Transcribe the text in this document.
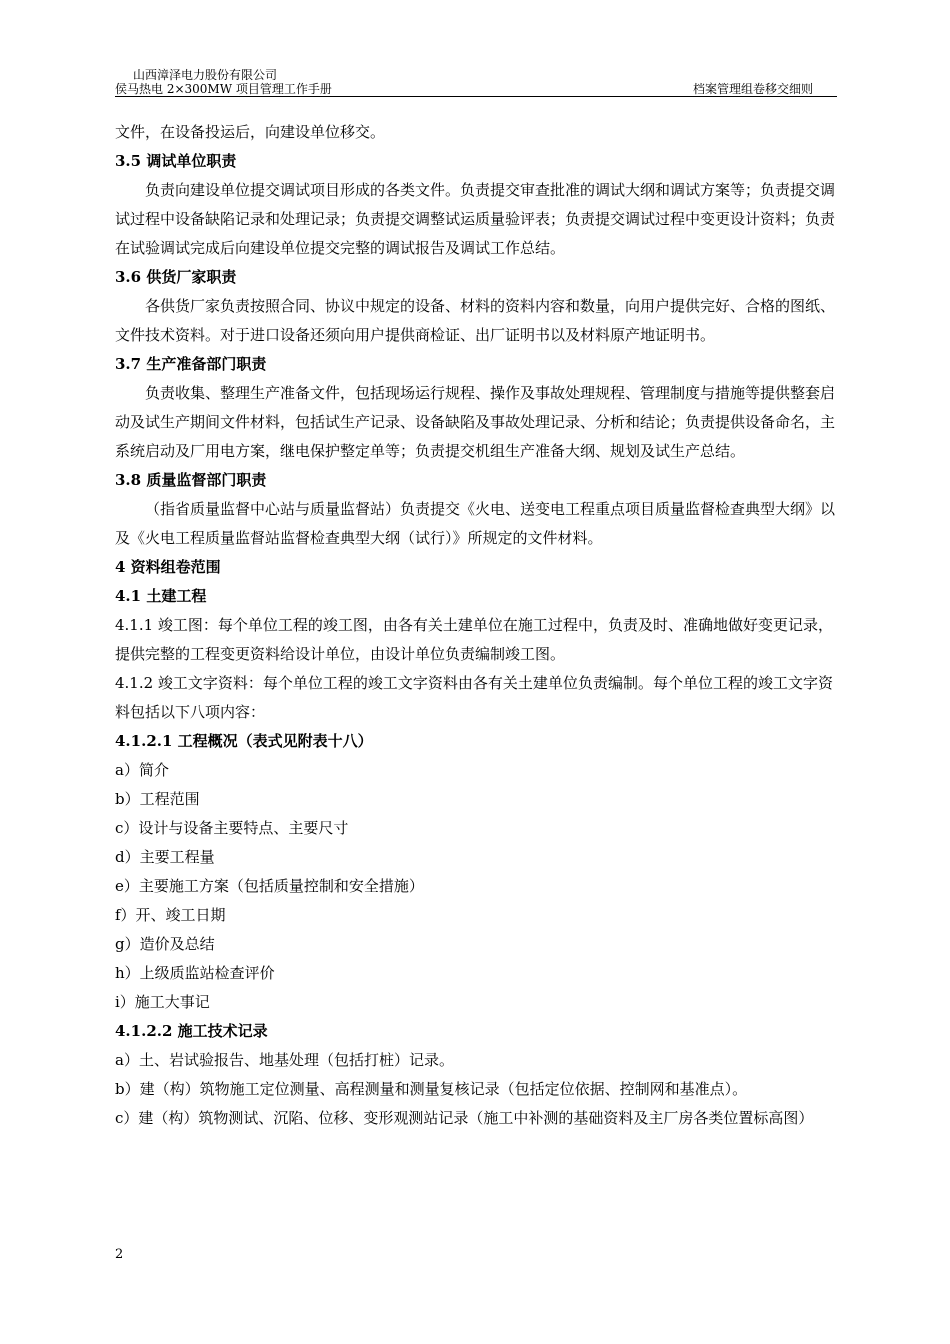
山西漳泽电力股份有限公司
侯马热电 2×300MW 项目管理工作手册	档案管理组卷移交细则

文件，在设备投运后，向建设单位移交。

3.5 调试单位职责

负责向建设单位提交调试项目形成的各类文件。负责提交审查批准的调试大纲和调试方案等；负责提交调试过程中设备缺陷记录和处理记录；负责提交调整试运质量验评表；负责提交调试过程中变更设计资料；负责在试验调试完成后向建设单位提交完整的调试报告及调试工作总结。

3.6 供货厂家职责

各供货厂家负责按照合同、协议中规定的设备、材料的资料内容和数量，向用户提供完好、合格的图纸、文件技术资料。对于进口设备还须向用户提供商检证、出厂证明书以及材料原产地证明书。

3.7 生产准备部门职责

负责收集、整理生产准备文件，包括现场运行规程、操作及事故处理规程、管理制度与措施等提供整套启动及试生产期间文件材料，包括试生产记录、设备缺陷及事故处理记录、分析和结论；负责提供设备命名，主系统启动及厂用电方案，继电保护整定单等；负责提交机组生产准备大纲、规划及试生产总结。

3.8 质量监督部门职责

（指省质量监督中心站与质量监督站）负责提交《火电、送变电工程重点项目质量监督检查典型大纲》以及《火电工程质量监督站监督检查典型大纲（试行）》所规定的文件材料。

4 资料组卷范围

4.1 土建工程

4.1.1 竣工图：每个单位工程的竣工图，由各有关土建单位在施工过程中，负责及时、准确地做好变更记录，提供完整的工程变更资料给设计单位，由设计单位负责编制竣工图。

4.1.2 竣工文字资料：每个单位工程的竣工文字资料由各有关土建单位负责编制。每个单位工程的竣工文字资料包括以下八项内容：

4.1.2.1 工程概况（表式见附表十八）

a）简介

b）工程范围

c）设计与设备主要特点、主要尺寸

d）主要工程量

e）主要施工方案（包括质量控制和安全措施）

f）开、竣工日期

g）造价及总结

h）上级质监站检查评价

i）施工大事记

4.1.2.2 施工技术记录

a）土、岩试验报告、地基处理（包括打桩）记录。

b）建（构）筑物施工定位测量、高程测量和测量复核记录（包括定位依据、控制网和基准点）。

c）建（构）筑物测试、沉陷、位移、变形观测站记录（施工中补测的基础资料及主厂房各类位置标高图）

2
